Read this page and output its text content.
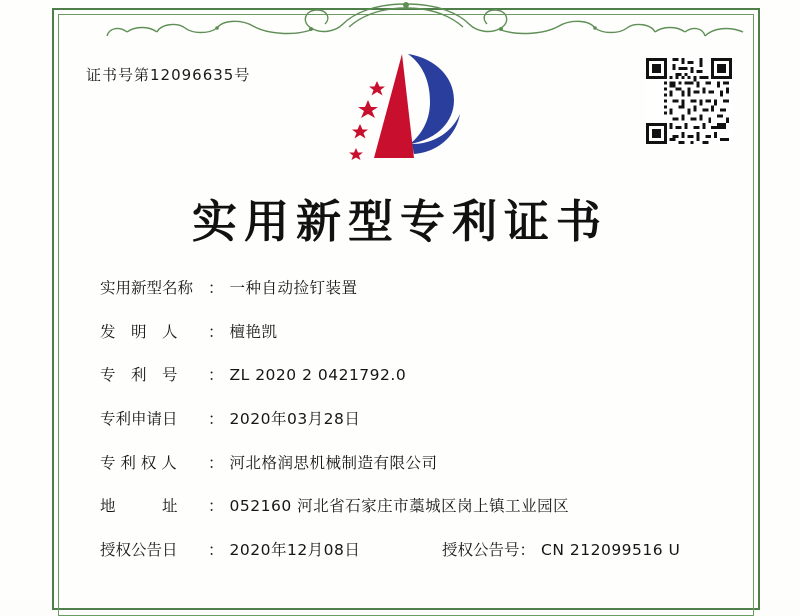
证书号第12096635号
实用新型专利证书
实用新型名称 ： 一种自动捡钉装置
发　明　人	： 檀艳凯
专　利　号	： ZL 2020 2 0421792.0
专利申请日	： 2020年03月28日
专 利 权 人	： 河北格润思机械制造有限公司
地　　　址	： 052160 河北省石家庄市藁城区岗上镇工业园区
授权公告日	： 2020年12月08日	授权公告号 ： CN 212099516 U
